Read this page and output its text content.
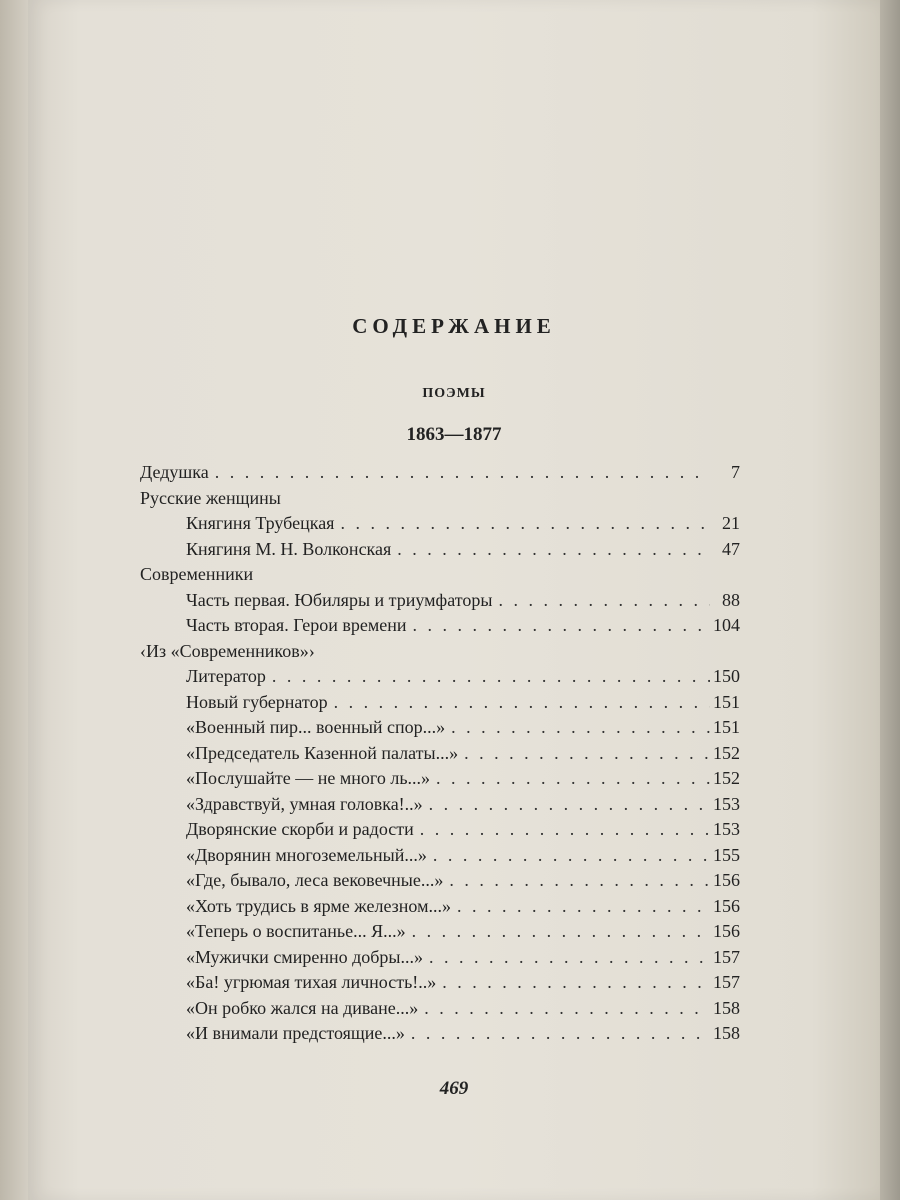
СОДЕРЖАНИЕ
ПОЭМЫ
1863—1877
Дедушка . . .	7
Русские женщины
Княгиня Трубецкая . . .	21
Княгиня М. Н. Волконская . . .	47
Современники
Часть первая. Юбиляры и триумфаторы . . .	88
Часть вторая. Герои времени . . .	104
‹Из «Современников»›
Литератор . . .	150
Новый губернатор . . .	151
«Военный пир... военный спор...» . . .	151
«Председатель Казенной палаты...» . . .	152
«Послушайте — не много ль...» . . .	152
«Здравствуй, умная головка!..» . . .	153
Дворянские скорби и радости . . .	153
«Дворянин многоземельный...» . . .	155
«Где, бывало, леса вековечные...» . . .	156
«Хоть трудись в ярме железном...» . . .	156
«Теперь о воспитанье... Я...» . . .	156
«Мужички смиренно добры...» . . .	157
«Ба! угрюмая тихая личность!..» . . .	157
«Он робко жался на диване...» . . .	158
«И внимали предстоящие...» . . .	158
469
